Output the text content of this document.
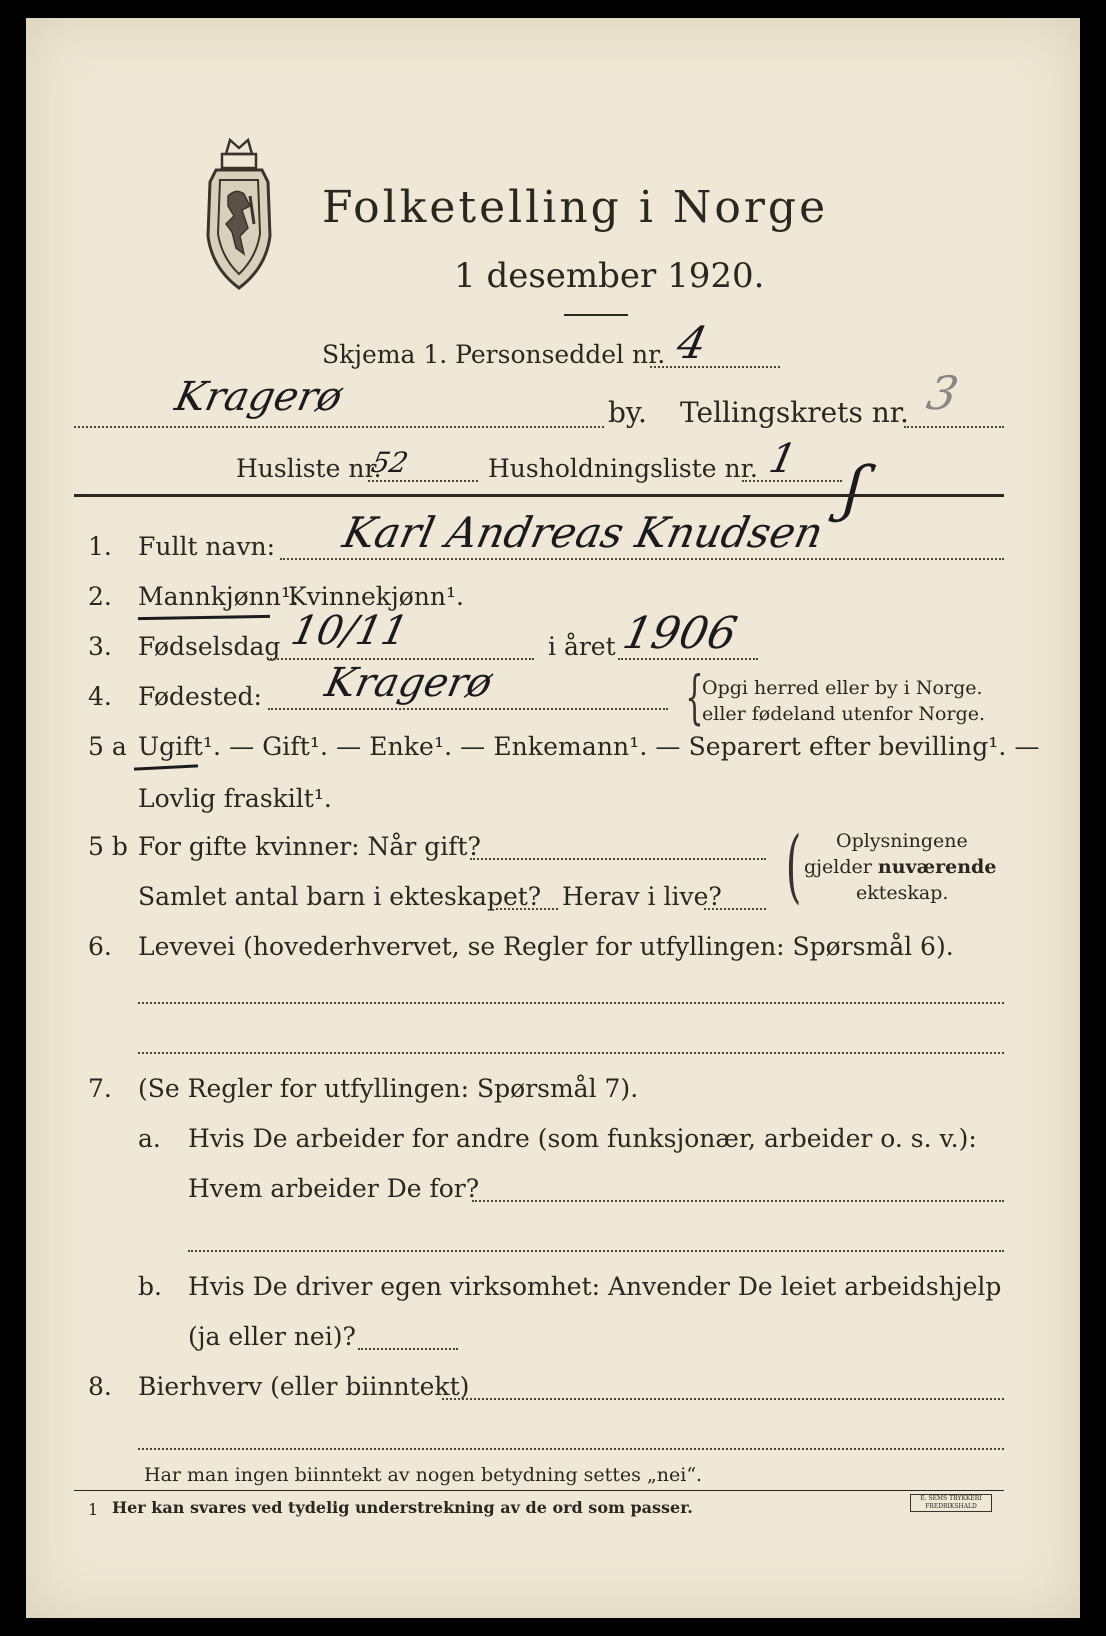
Folketelling i Norge
1 desember 1920.
Skjema 1. Personseddel nr. 4
Kragerø	by. Tellingskrets nr. 3
Husliste nr.
52	Husholdningsliste nr. 1 ʃ
1. Fullt navn: Karl Andreas Knudsen
2. Mannkjønn¹.
Kvinnekjønn¹.
3. Fødselsdag 10/11	i året 1906
4. Fødested: Kragerø	{
Opgi herred eller by i Norge.
eller fødeland utenfor Norge.
5 a Ugift¹. — Gift¹. — Enke¹. — Enkemann¹. — Separert efter bevilling¹. —
Lovlig fraskilt¹.
5 b For gifte kvinner: Når gift?
Samlet antal barn i ekteskapet? Herav i live? ( Oplysningene
gjelder nuværende
ekteskap.
6. Levevei (hovederhvervet, se Regler for utfyllingen: Spørsmål 6).
7. (Se Regler for utfyllingen: Spørsmål 7).
a. Hvis De arbeider for andre (som funksjonær, arbeider o. s. v.):
Hvem arbeider De for?
b. Hvis De driver egen virksomhet: Anvender De leiet arbeidshjelp
(ja eller nei)?
8. Bierhverv (eller biinntekt)
Har man ingen biinntekt av nogen betydning settes „nei“.
1 Her kan svares ved tydelig understrekning av de ord som passer.	E. SEMS TRYKKERI FREDRIKSHALD
